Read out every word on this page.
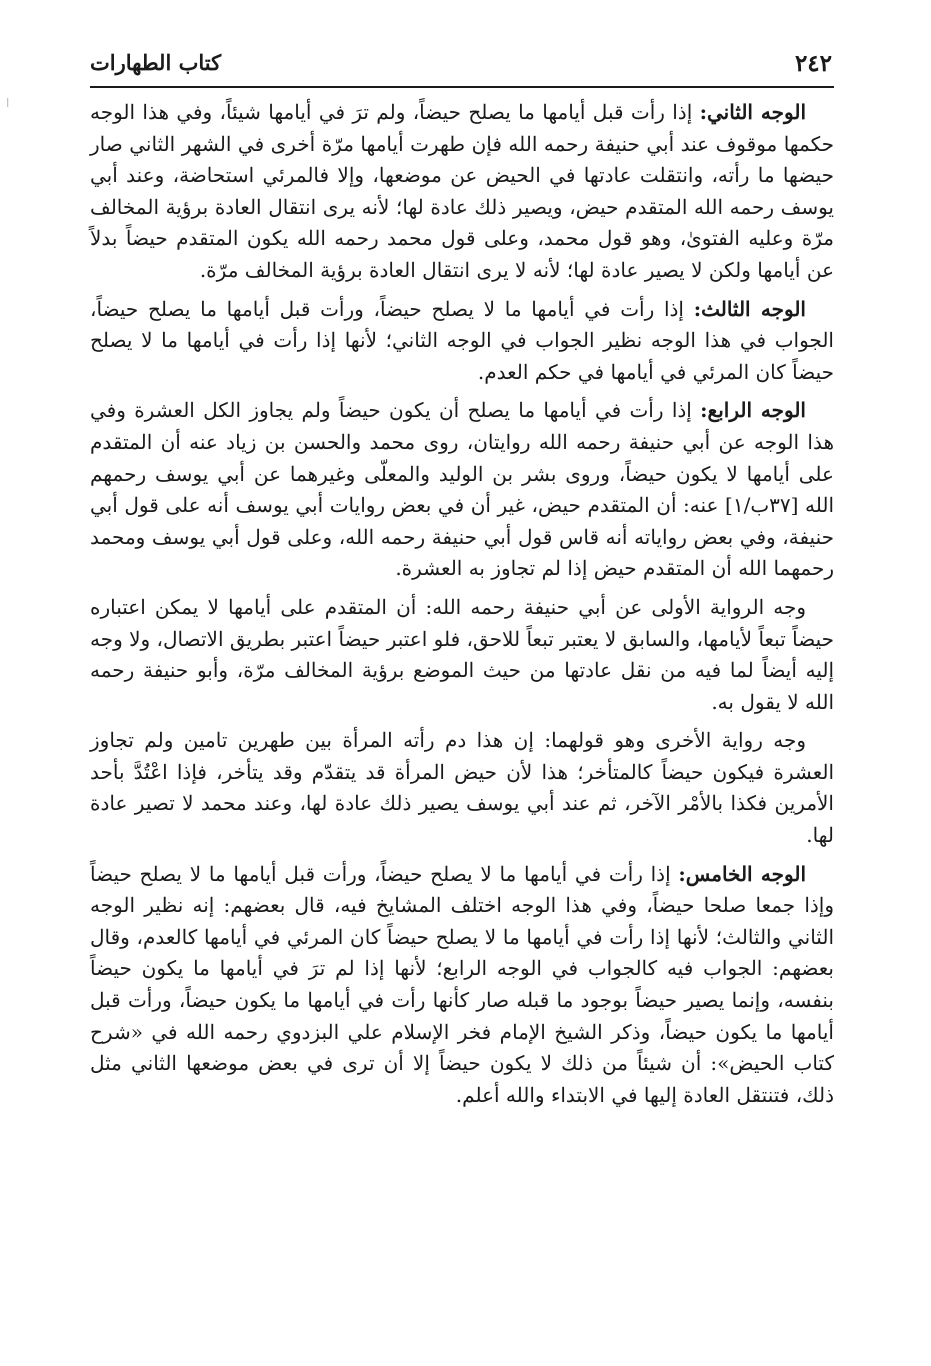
ا
٢٤٢
كتاب الطهارات

الوجه الثاني: إذا رأت قبل أيامها ما يصلح حيضاً، ولم ترَ في أيامها شيئاً، وفي هذا الوجه حكمها موقوف عند أبي حنيفة رحمه الله فإن طهرت أيامها مرّة أخرى في الشهر الثاني صار حيضها ما رأته، وانتقلت عادتها في الحيض عن موضعها، وإلا فالمرئي استحاضة، وعند أبي يوسف رحمه الله المتقدم حيض، ويصير ذلك عادة لها؛ لأنه يرى انتقال العادة برؤية المخالف مرّة وعليه الفتوىٰ، وهو قول محمد، وعلى قول محمد رحمه الله يكون المتقدم حيضاً بدلاً عن أيامها ولكن لا يصير عادة لها؛ لأنه لا يرى انتقال العادة برؤية المخالف مرّة.

الوجه الثالث: إذا رأت في أيامها ما لا يصلح حيضاً، ورأت قبل أيامها ما يصلح حيضاً، الجواب في هذا الوجه نظير الجواب في الوجه الثاني؛ لأنها إذا رأت في أيامها ما لا يصلح حيضاً كان المرئي في أيامها في حكم العدم.

الوجه الرابع: إذا رأت في أيامها ما يصلح أن يكون حيضاً ولم يجاوز الكل العشرة وفي هذا الوجه عن أبي حنيفة رحمه الله روايتان، روى محمد والحسن بن زياد عنه أن المتقدم على أيامها لا يكون حيضاً، وروى بشر بن الوليد والمعلّى وغيرهما عن أبي يوسف رحمهم الله [٣٧ب/١] عنه: أن المتقدم حيض، غير أن في بعض روايات أبي يوسف أنه على قول أبي حنيفة، وفي بعض رواياته أنه قاس قول أبي حنيفة رحمه الله، وعلى قول أبي يوسف ومحمد رحمهما الله أن المتقدم حيض إذا لم تجاوز به العشرة.

وجه الرواية الأولى عن أبي حنيفة رحمه الله: أن المتقدم على أيامها لا يمكن اعتباره حيضاً تبعاً لأيامها، والسابق لا يعتبر تبعاً للاحق، فلو اعتبر حيضاً اعتبر بطريق الاتصال، ولا وجه إليه أيضاً لما فيه من نقل عادتها من حيث الموضع برؤية المخالف مرّة، وأبو حنيفة رحمه الله لا يقول به.

وجه رواية الأخرى وهو قولهما: إن هذا دم رأته المرأة بين طهرين تامين ولم تجاوز العشرة فيكون حيضاً كالمتأخر؛ هذا لأن حيض المرأة قد يتقدّم وقد يتأخر، فإذا اعْتُدَّ بأحد الأمرين فكذا بالأمْر الآخر، ثم عند أبي يوسف يصير ذلك عادة لها، وعند محمد لا تصير عادة لها.

الوجه الخامس: إذا رأت في أيامها ما لا يصلح حيضاً، ورأت قبل أيامها ما لا يصلح حيضاً وإذا جمعا صلحا حيضاً، وفي هذا الوجه اختلف المشايخ فيه، قال بعضهم: إنه نظير الوجه الثاني والثالث؛ لأنها إذا رأت في أيامها ما لا يصلح حيضاً كان المرئي في أيامها كالعدم، وقال بعضهم: الجواب فيه كالجواب في الوجه الرابع؛ لأنها إذا لم ترَ في أيامها ما يكون حيضاً بنفسه، وإنما يصير حيضاً بوجود ما قبله صار كأنها رأت في أيامها ما يكون حيضاً، ورأت قبل أيامها ما يكون حيضاً، وذكر الشيخ الإمام فخر الإسلام علي البزدوي رحمه الله في «شرح كتاب الحيض»: أن شيئاً من ذلك لا يكون حيضاً إلا أن ترى في بعض موضعها الثاني مثل ذلك، فتنتقل العادة إليها في الابتداء والله أعلم.
